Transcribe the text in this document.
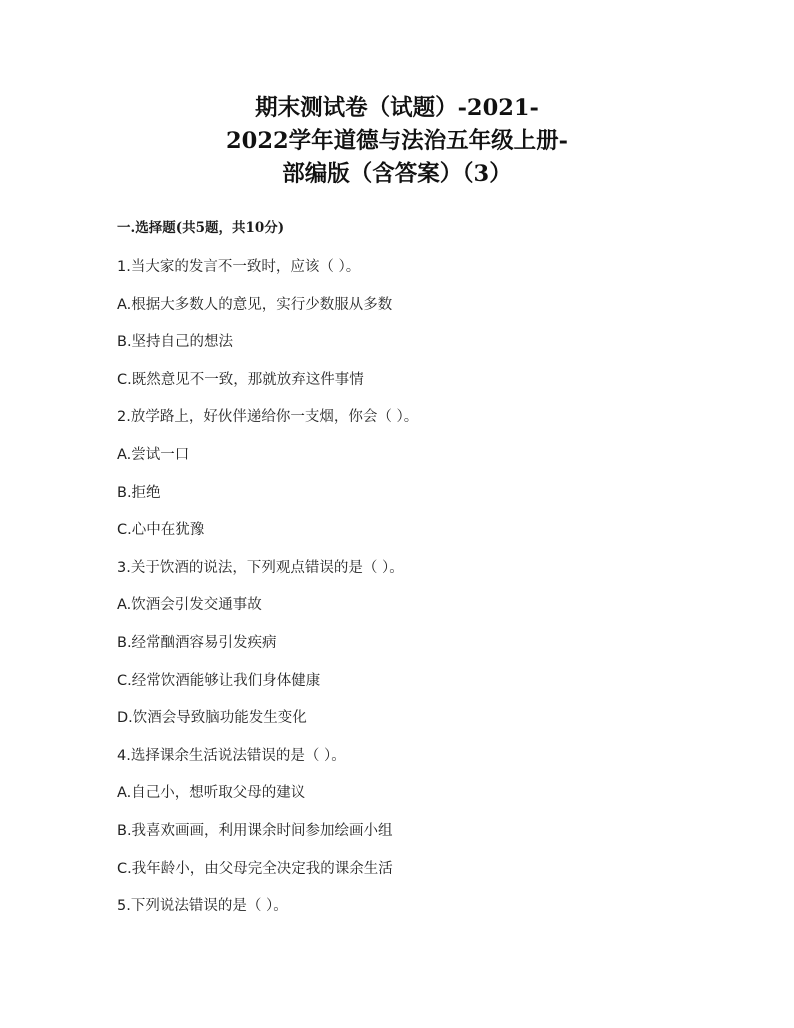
期末测试卷（试题）-2021-
2022学年道德与法治五年级上册-
部编版（含答案）（3）
一.选择题(共5题，共10分)
1.当大家的发言不一致时，应该（ ）。
A.根据大多数人的意见，实行少数服从多数
B.坚持自己的想法
C.既然意见不一致，那就放弃这件事情
2.放学路上，好伙伴递给你一支烟，你会（ ）。
A.尝试一口
B.拒绝
C.心中在犹豫
3.关于饮酒的说法，下列观点错误的是（ ）。
A.饮酒会引发交通事故
B.经常酗酒容易引发疾病
C.经常饮酒能够让我们身体健康
D.饮酒会导致脑功能发生变化
4.选择课余生活说法错误的是（ ）。
A.自己小，想听取父母的建议
B.我喜欢画画，利用课余时间参加绘画小组
C.我年龄小，由父母完全决定我的课余生活
5.下列说法错误的是（ ）。
